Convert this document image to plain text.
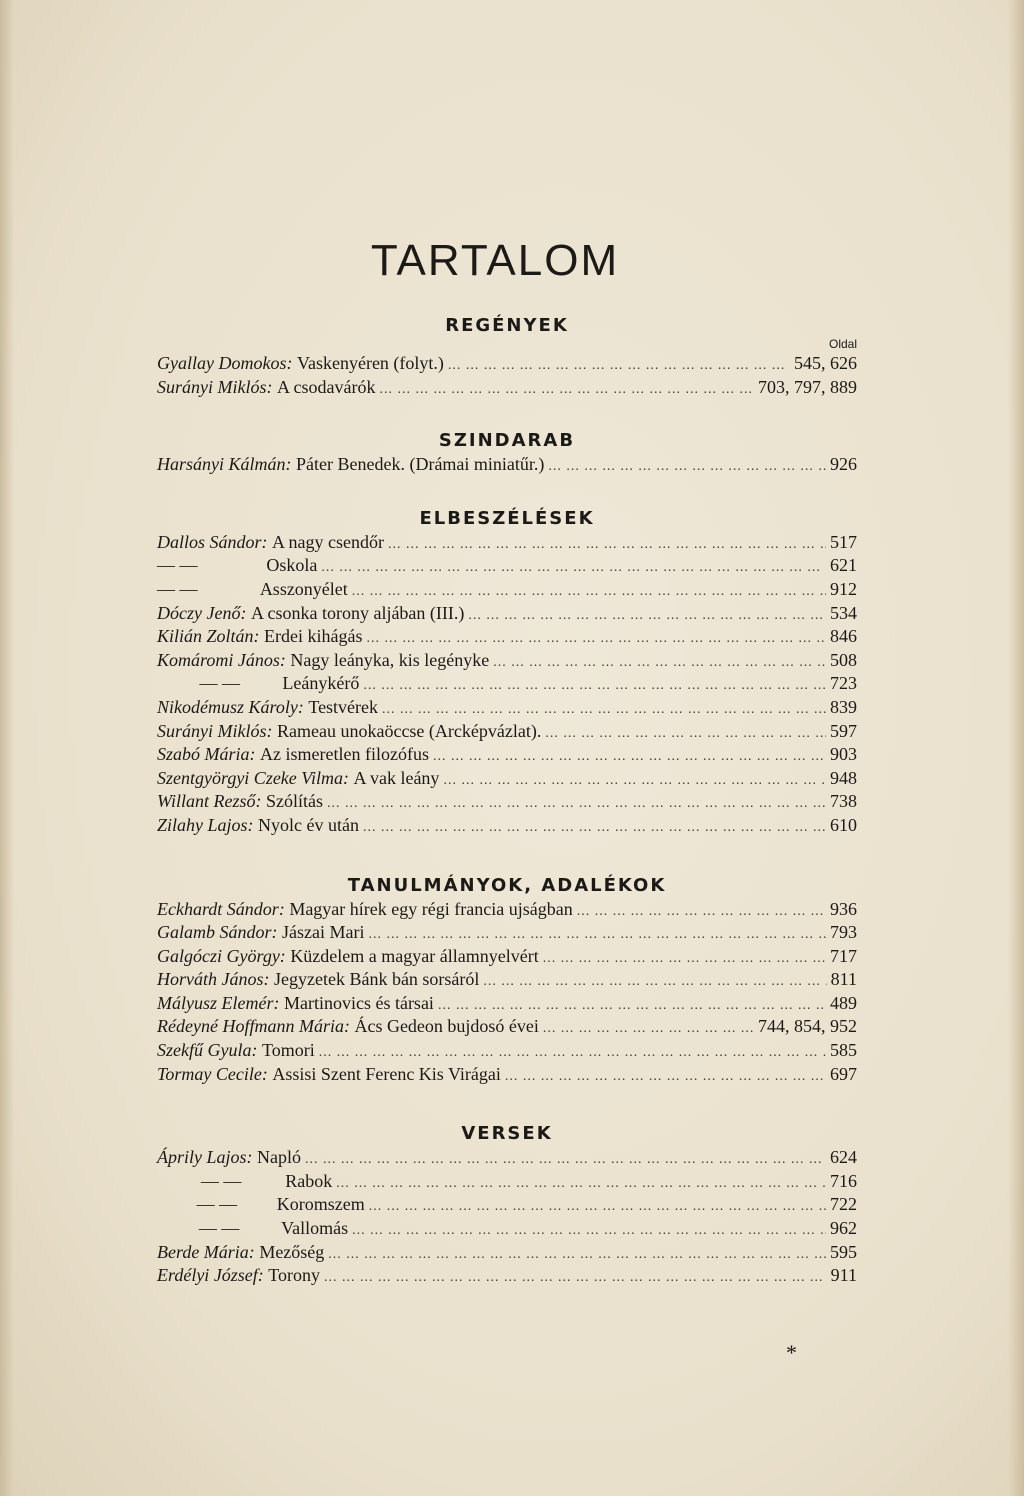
TARTALOM
REGÉNYEK
Oldal
Gyallay Domokos:
Vaskenyéren (folyt.) ... .	545, 626
Surányi Miklós:
A csodavárók ... .	703, 797, 889
SZINDARAB
Harsányi Kálmán:
Páter Benedek. (Drámai miniatűr.) ... .	926
ELBESZÉLÉSEK
Dallos Sándor:
A nagy csendőr ... .	517
— —	Oskola ... .	621
— —	Asszonyélet ... .	912
Dóczy Jenő:
A csonka torony aljában (III.) ... .	534
Kilián Zoltán:
Erdei kihágás ... .	846
Komáromi János:
Nagy leányka, kis legényke ... .	508
— —	Leánykérő ... .	723
Nikodémusz Károly:
Testvérek ... .	839
Surányi Miklós:
Rameau unokaöccse (Arcképvázlat). ... .	597
Szabó Mária:
Az ismeretlen filozófus ... .	903
Szentgyörgyi Czeke Vilma:
A vak leány ... .	948
Willant Rezső:
Szólítás ... .	738
Zilahy Lajos:
Nyolc év után ... .	610
TANULMÁNYOK, ADALÉKOK
Eckhardt Sándor:
Magyar hírek egy régi francia ujságban ... .	936
Galamb Sándor:
Jászai Mari ... .	793
Galgóczi György:
Küzdelem a magyar államnyelvért ... .	717
Horváth János:
Jegyzetek Bánk bán sorsáról ... .	811
Mályusz Elemér:
Martinovics és társai ... .	489
Rédeyné Hoffmann Mária:
Ács Gedeon bujdosó évei ... .	744, 854, 952
Szekfű Gyula:
Tomori ... .	585
Tormay Cecile:
Assisi Szent Ferenc Kis Virágai ... .	697
VERSEK
Áprily Lajos:
Napló ... .	624
— —	Rabok ... .	716
— —	Koromszem ... .	722
— —	Vallomás ... .	962
Berde Mária:
Mezőség ... .	595
Erdélyi József:
Torony ... .	911
*
